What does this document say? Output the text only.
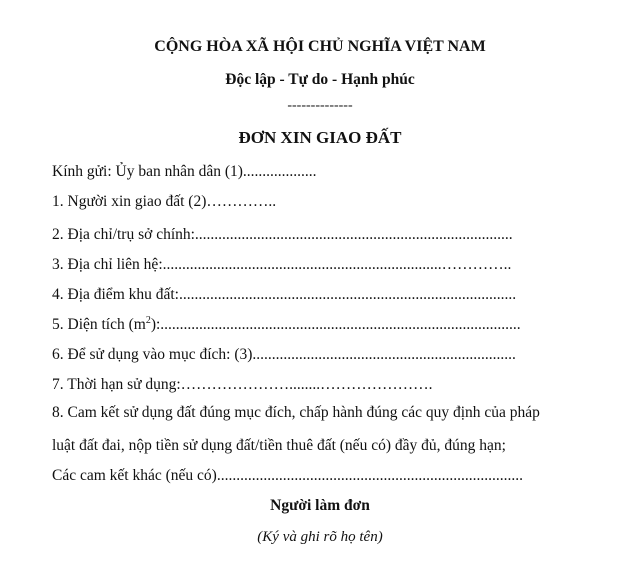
CỘNG HÒA XÃ HỘI CHỦ NGHĨA VIỆT NAM
Độc lập - Tự do - Hạnh phúc
--------------
ĐƠN XIN GIAO ĐẤT
Kính gửi: Ủy ban nhân dân (1)...................
1. Người xin giao đất (2)…………..
2. Địa chỉ/trụ sở chính:..................................................................................
3. Địa chỉ liên hệ:........................................................................…………..
4. Địa điểm khu đất:.......................................................................................
5. Diện tích $(m^2)$:.............................................................................................
6. Để sử dụng vào mục đích: (3)....................................................................
7. Thời hạn sử dụng:…………………........………………….
8. Cam kết sử dụng đất đúng mục đích, chấp hành đúng các quy định của pháp
luật đất đai, nộp tiền sử dụng đất/tiền thuê đất (nếu có) đầy đủ, đúng hạn;
Các cam kết khác (nếu có)...............................................................................
Người làm đơn
(Ký và ghi rõ họ tên)
